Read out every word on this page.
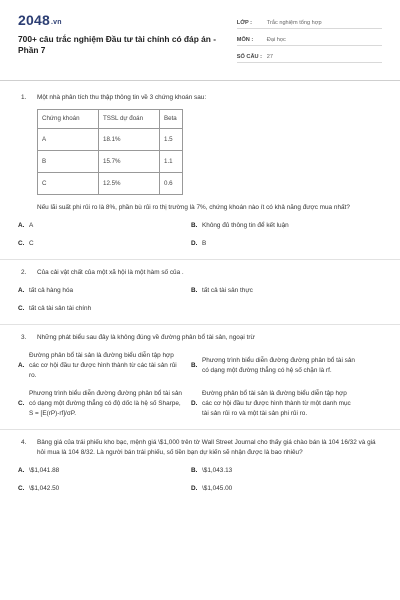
2048.vn
700+ câu trắc nghiệm Đầu tư tài chính có đáp án - Phần 7
LỚP :	Trắc nghiệm tổng hợp
MÔN :	Đại học
SỐ CÂU : 27
1.	Một nhà phân tích thu thập thông tin về 3 chứng khoán sau:
Chứng khoán	TSSL dự đoán	Beta
A	18.1%	1.5
B	15.7%	1.1
C	12.5%	0.6
Nếu lãi suất phi rủi ro là 8%, phần bù rủi ro thị trường là 7%, chứng khoán nào ít có khả năng được mua nhất?
A. A	B. Không đủ thông tin để kết luận
C. C	D. B
2.	Của cải vật chất của một xã hội là một hàm số của .
A. tất cả hàng hóa	B. tất cả tài sản thực
C. tất cả tài sản tài chính
3.	Những phát biểu sau đây là không đúng về đường phân bổ tài sản, ngoại trừ
A.
Đường phân bổ tài sản là đường biểu diễn tập hợp các cơ hội đầu tư được hình thành từ các tài sản rủi ro.
B.
Phương trình biểu diễn đường đường phân bổ tài sản có dạng một đường thẳng có hệ số chặn là rf.
C.
Phương trình biểu diễn đường đường phân bổ tài sản có dạng một đường thẳng có độ dốc là hệ số Sharpe, S = [E(rP)-rf]/σP.
D.
Đường phân bổ tài sản là đường biểu diễn tập hợp các cơ hội đầu tư được hình thành từ một danh mục tài sản rủi ro và một tài sản phi rủi ro.
4.	Bảng giá của trái phiếu kho bạc, mệnh giá \$1,000 trên tờ Wall Street Journal cho thấy giá chào bán là 104 16/32 và giá hỏi mua là 104 8/32. Là người bán trái phiếu, số tiền bạn dự kiến sẽ nhận được là bao nhiêu?
A. \$1,041.88	B. \$1,043.13
C. \$1,042.50	D. \$1,045.00
